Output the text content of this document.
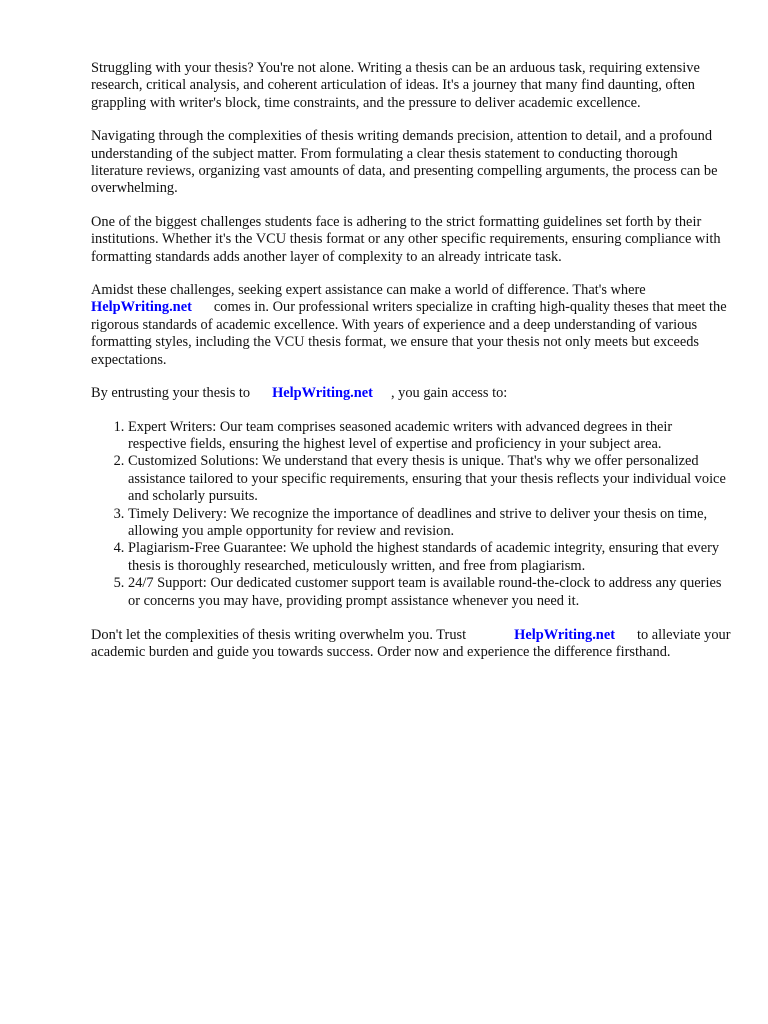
Struggling with your thesis? You're not alone. Writing a thesis can be an arduous task, requiring extensive research, critical analysis, and coherent articulation of ideas. It's a journey that many find daunting, often grappling with writer's block, time constraints, and the pressure to deliver academic excellence.

Navigating through the complexities of thesis writing demands precision, attention to detail, and a profound understanding of the subject matter. From formulating a clear thesis statement to conducting thorough literature reviews, organizing vast amounts of data, and presenting compelling arguments, the process can be overwhelming.

One of the biggest challenges students face is adhering to the strict formatting guidelines set forth by their institutions. Whether it's the VCU thesis format or any other specific requirements, ensuring compliance with formatting standards adds another layer of complexity to an already intricate task.

Amidst these challenges, seeking expert assistance can make a world of difference. That's where
HelpWriting.net comes in. Our professional writers specialize in crafting high-quality theses that meet the rigorous standards of academic excellence. With years of experience and a deep understanding of various formatting styles, including the VCU thesis format, we ensure that your thesis not only meets but exceeds expectations.

By entrusting your thesis to HelpWriting.net , you gain access to:

1. Expert Writers: Our team comprises seasoned academic writers with advanced degrees in their respective fields, ensuring the highest level of expertise and proficiency in your subject area.
2. Customized Solutions: We understand that every thesis is unique. That's why we offer personalized assistance tailored to your specific requirements, ensuring that your thesis reflects your individual voice and scholarly pursuits.
3. Timely Delivery: We recognize the importance of deadlines and strive to deliver your thesis on time, allowing you ample opportunity for review and revision.
4. Plagiarism-Free Guarantee: We uphold the highest standards of academic integrity, ensuring that every thesis is thoroughly researched, meticulously written, and free from plagiarism.
5. 24/7 Support: Our dedicated customer support team is available round-the-clock to address any queries or concerns you may have, providing prompt assistance whenever you need it.

Don't let the complexities of thesis writing overwhelm you. Trust	HelpWriting.net to alleviate your academic burden and guide you towards success. Order now and experience the difference firsthand.
